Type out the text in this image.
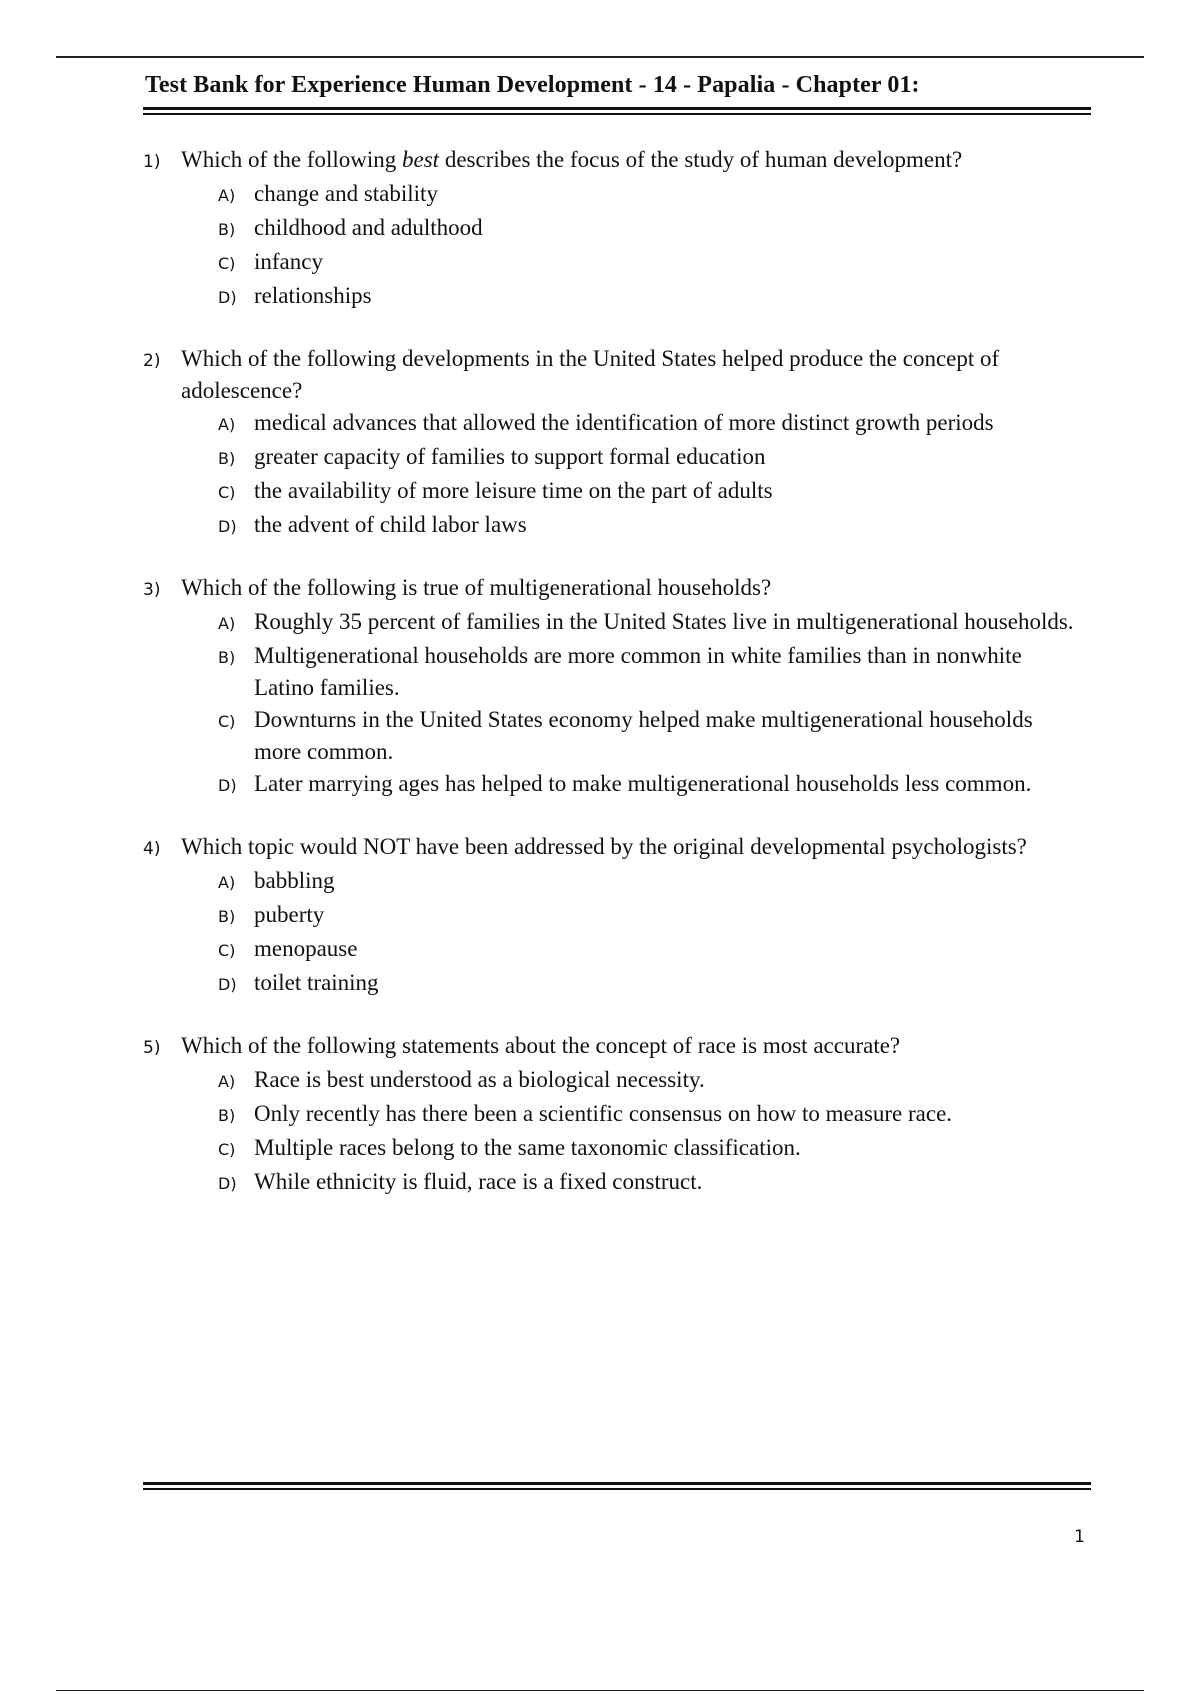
Test Bank for Experience Human Development - 14 - Papalia - Chapter 01:
1) Which of the following best describes the focus of the study of human development?
A) change and stability
B) childhood and adulthood
C) infancy
D) relationships
2) Which of the following developments in the United States helped produce the concept of adolescence?
A) medical advances that allowed the identification of more distinct growth periods
B) greater capacity of families to support formal education
C) the availability of more leisure time on the part of adults
D) the advent of child labor laws
3) Which of the following is true of multigenerational households?
A) Roughly 35 percent of families in the United States live in multigenerational households.
B) Multigenerational households are more common in white families than in nonwhite Latino families.
C) Downturns in the United States economy helped make multigenerational households more common.
D) Later marrying ages has helped to make multigenerational households less common.
4) Which topic would NOT have been addressed by the original developmental psychologists?
A) babbling
B) puberty
C) menopause
D) toilet training
5) Which of the following statements about the concept of race is most accurate?
A) Race is best understood as a biological necessity.
B) Only recently has there been a scientific consensus on how to measure race.
C) Multiple races belong to the same taxonomic classification.
D) While ethnicity is fluid, race is a fixed construct.
1
